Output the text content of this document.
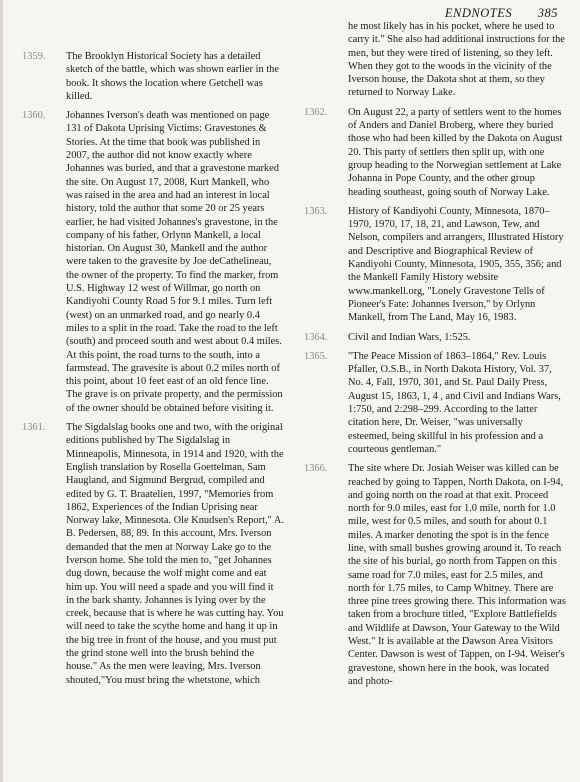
ENDNOTES 385
1359.	The Brooklyn Historical Society has a detailed sketch of the battle, which was shown earlier in the book. It shows the location where Getchell was killed.
1360.	Johannes Iverson's death was mentioned on page 131 of Dakota Uprising Victims: Gravestones & Stories. At the time that book was published in 2007, the author did not know exactly where Johannes was buried, and that a gravestone marked the site. On August 17, 2008, Kurt Mankell, who was raised in the area and had an interest in local history, told the author that some 20 or 25 years earlier, he had visited Johannes's gravestone, in the company of his father, Orlynn Mankell, a local historian. On August 30, Mankell and the author were taken to the gravesite by Joe deCathelineau, the owner of the property. To find the marker, from U.S. Highway 12 west of Willmar, go north on Kandiyohi County Road 5 for 9.1 miles. Turn left (west) on an unmarked road, and go nearly 0.4 miles to a split in the road. Take the road to the left (south) and proceed south and west about 0.4 miles. At this point, the road turns to the south, into a farmstead. The gravesite is about 0.2 miles north of this point, about 10 feet east of an old fence line. The grave is on private property, and the permission of the owner should be obtained before visiting it.
1361.	The Sigdalslag books one and two, with the original editions published by The Sigdalslag in Minneapolis, Minnesota, in 1914 and 1920, with the English translation by Rosella Goettelman, Sam Haugland, and Sigmund Bergrud, compiled and edited by G. T. Braatelien, 1997, "Memories from 1862, Experiences of the Indian Uprising near Norway lake, Minnesota. Ole Knudsen's Report," A. B. Pedersen, 88, 89. In this account, Mrs. Iverson demanded that the men at Norway Lake go to the Iverson home. She told the men to, "get Johannes dug down, because the wolf might come and eat him up. You will need a spade and you will find it in the bark shanty. Johannes is lying over by the creek, because that is where he was cutting hay. You will need to take the scythe home and hang it up in the big tree in front of the house, and you must put the grind stone well into the brush behind the house." As the men were leaving, Mrs. Iverson shouted,"You must bring the whetstone, which
he most likely has in his pocket, where he used to carry it." She also had additional instructions for the men, but they were tired of listening, so they left. When they got to the woods in the vicinity of the Iverson house, the Dakota shot at them, so they returned to Norway Lake.
1362.	On August 22, a party of settlers went to the homes of Anders and Daniel Broberg, where they buried those who had been killed by the Dakota on August 20. This party of settlers then split up, with one group heading to the Norwegian settlement at Lake Johanna in Pope County, and the other group heading southeast, going south of Norway Lake.
1363.	History of Kandiyohi County, Minnesota, 1870–1970, 1970, 17, 18, 21, and Lawson, Tew, and Nelson, compilers and arrangers, Illustrated History and Descriptive and Biographical Review of Kandiyohi County, Minnesota, 1905, 355, 356; and the Mankell Family History website www.mankell.org, "Lonely Gravestone Tells of Pioneer's Fate: Johannes Iverson," by Orlynn Mankell, from The Land, May 16, 1983.
1364.	Civil and Indian Wars, 1:525.
1365.	"The Peace Mission of 1863–1864," Rev. Louis Pfaller, O.S.B., in North Dakota History, Vol. 37, No. 4, Fall, 1970, 301, and St. Paul Daily Press, August 15, 1863, 1, 4 , and Civil and Indians Wars, 1:750, and 2:298–299. According to the latter citation here, Dr. Weiser, "was universally esteemed, being skillful in his profession and a courteous gentleman."
1366.	The site where Dr. Josiah Weiser was killed can be reached by going to Tappen, North Dakota, on I-94, and going north on the road at that exit. Proceed north for 9.0 miles, east for 1.0 mile, north for 1.0 mile, west for 0.5 miles, and south for about 0.1 miles. A marker denoting the spot is in the fence line, with small bushes growing around it. To reach the site of his burial, go north from Tappen on this same road for 7.0 miles, east for 2.5 miles, and north for 1.75 miles, to Camp Whitney. There are three pine trees growing there. This information was taken from a brochure titled, "Explore Battlefields and Wildlife at Dawson, Your Gateway to the Wild West." It is available at the Dawson Area Visitors Center. Dawson is west of Tappen, on I-94. Weiser's gravestone, shown here in the book, was located and photo-
